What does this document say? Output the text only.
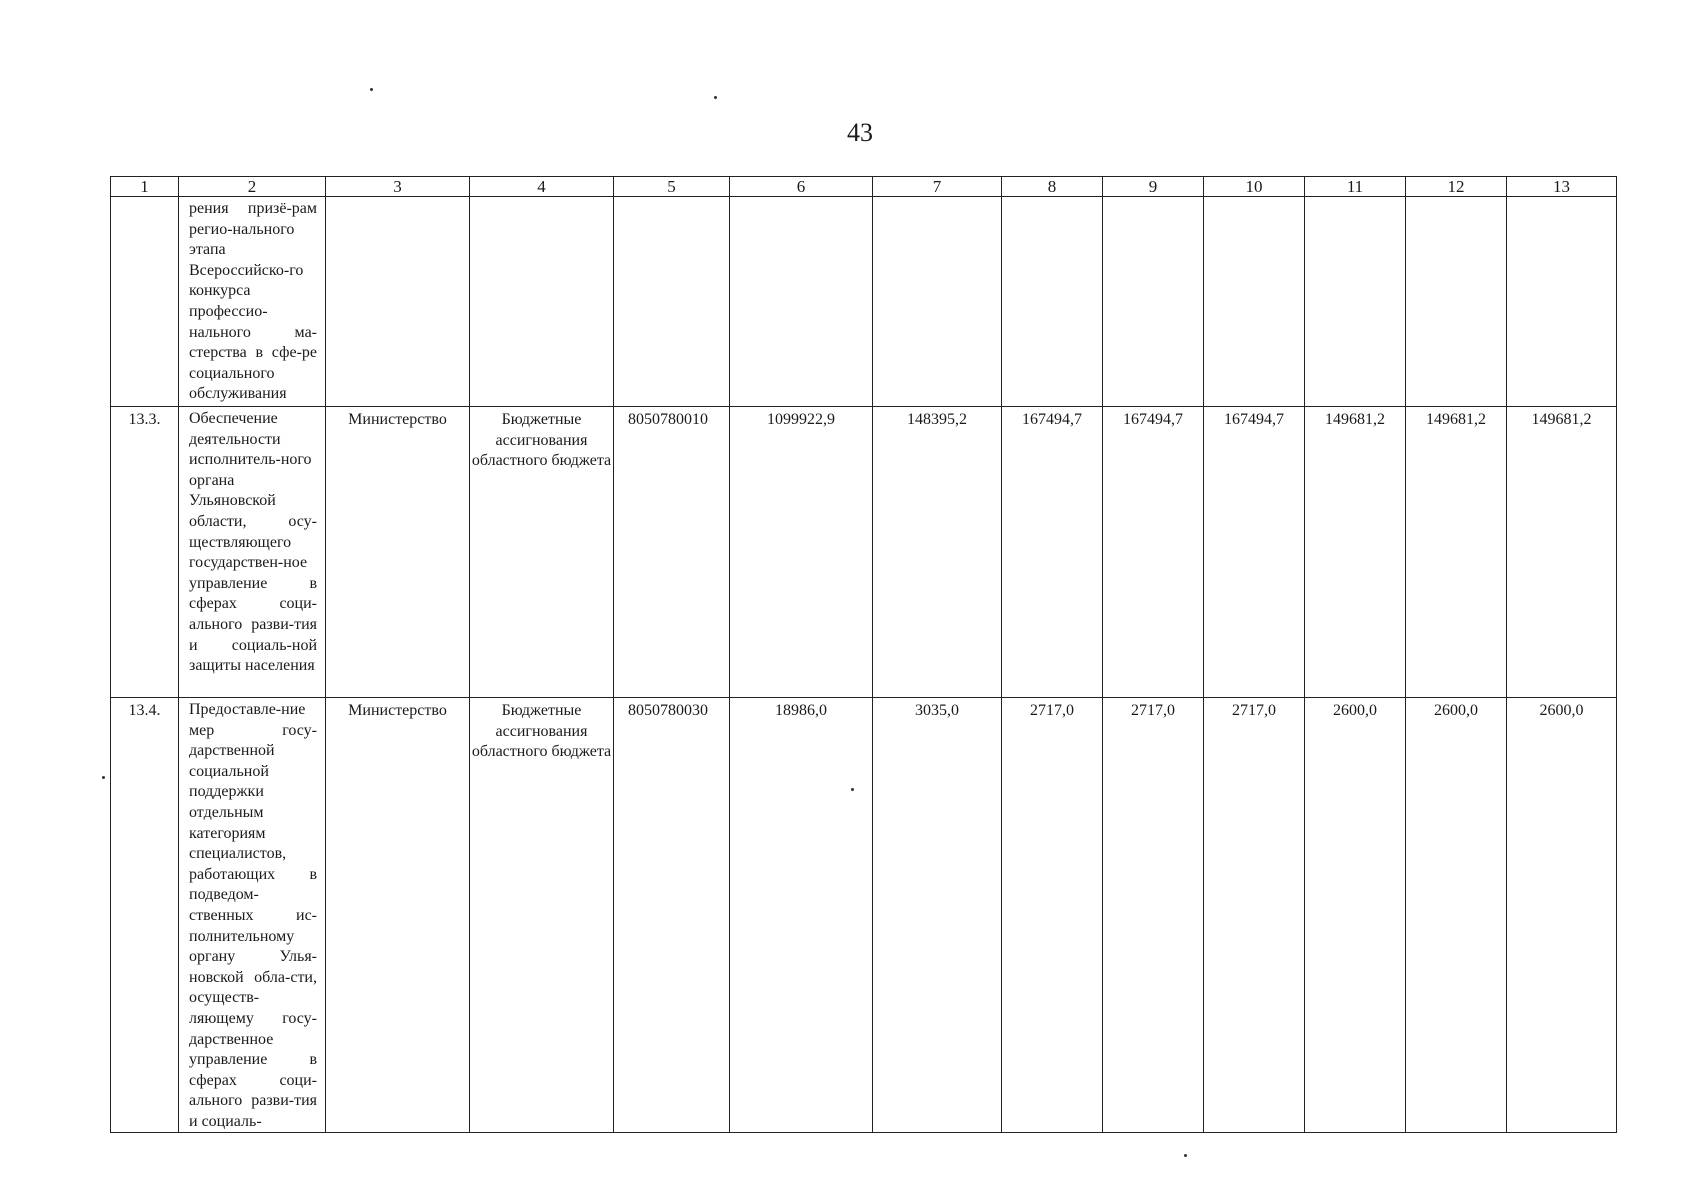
43
1	2	3	4	5	6	7	8	9	10	11	12	13
	рения призё-рам регио-нального этапа Всероссийско-го конкурса профессио-нального ма-стерства в сфе-ре социального обслуживания											
13.3.	Обеспечение деятельности исполнитель-ного органа Ульяновской области, осу-ществляющего государствен-ное управление в сферах соци-ального разви-тия и социаль-ной защиты населения	Министерство	Бюджетные ассигнования областного бюджета	8050780010	1099922,9	148395,2	167494,7	167494,7	167494,7	149681,2	149681,2	149681,2
13.4.	Предоставле-ние мер госу-дарственной социальной поддержки отдельным категориям специалистов, работающих в подведом-ственных ис-полнительному органу Улья-новской обла-сти, осуществ-ляющему госу-дарственное управление в сферах соци-ального разви-тия и социаль-	Министерство	Бюджетные ассигнования областного бюджета	8050780030	18986,0	3035,0	2717,0	2717,0	2717,0	2600,0	2600,0	2600,0
